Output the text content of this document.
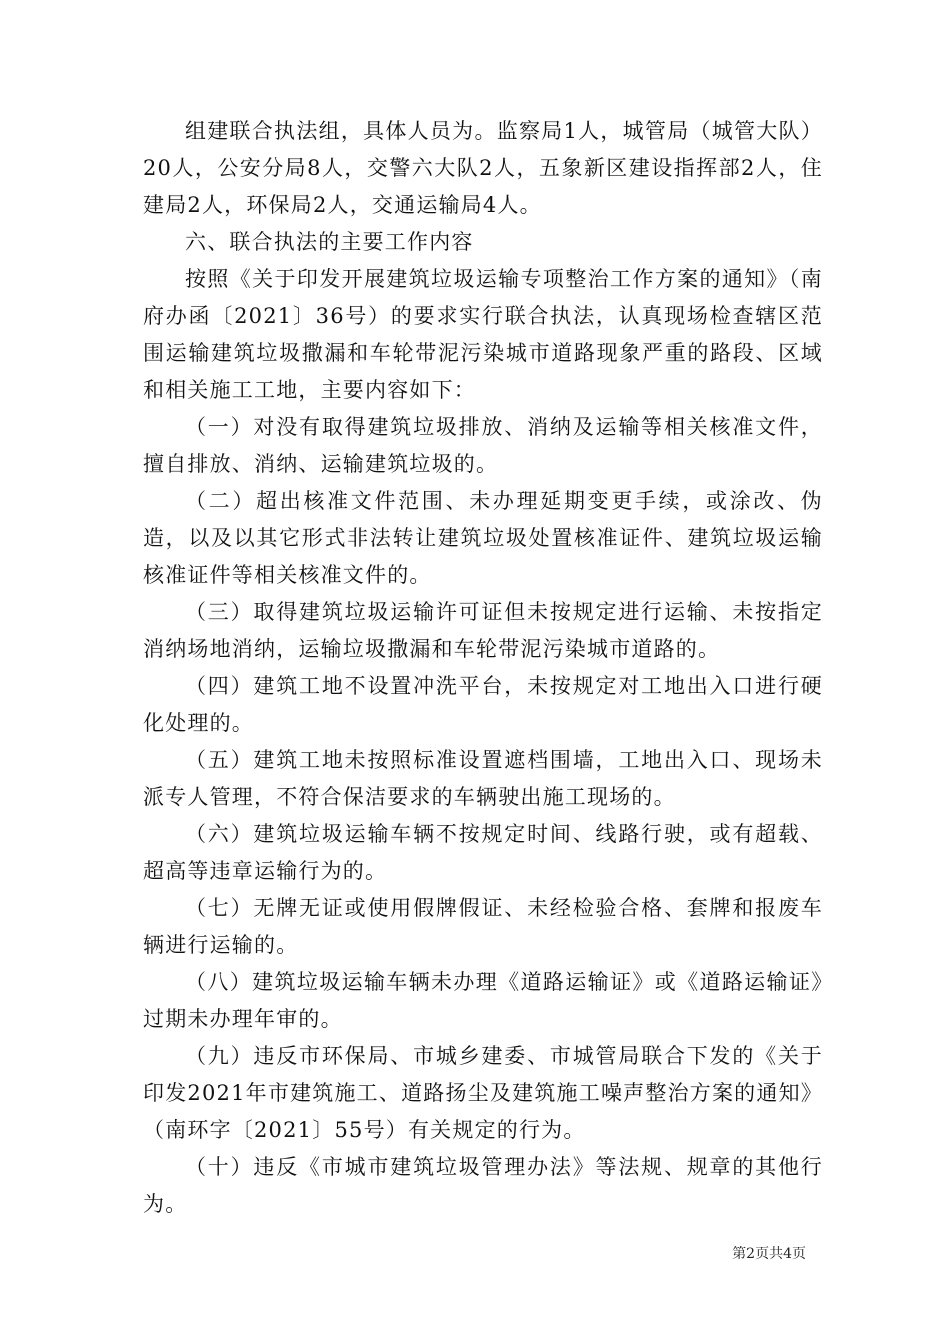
组建联合执法组，具体人员为。监察局1人，城管局（城管大队）20人，公安分局8人，交警六大队2人，五象新区建设指挥部2人，住建局2人，环保局2人，交通运输局4人。

六、联合执法的主要工作内容

按照《关于印发开展建筑垃圾运输专项整治工作方案的通知》（南府办函〔2021〕36号）的要求实行联合执法，认真现场检查辖区范围运输建筑垃圾撒漏和车轮带泥污染城市道路现象严重的路段、区域和相关施工工地，主要内容如下：

（一）对没有取得建筑垃圾排放、消纳及运输等相关核准文件，擅自排放、消纳、运输建筑垃圾的。

（二）超出核准文件范围、未办理延期变更手续，或涂改、伪造，以及以其它形式非法转让建筑垃圾处置核准证件、建筑垃圾运输核准证件等相关核准文件的。

（三）取得建筑垃圾运输许可证但未按规定进行运输、未按指定消纳场地消纳，运输垃圾撒漏和车轮带泥污染城市道路的。

（四）建筑工地不设置冲洗平台，未按规定对工地出入口进行硬化处理的。

（五）建筑工地未按照标准设置遮档围墙，工地出入口、现场未派专人管理，不符合保洁要求的车辆驶出施工现场的。

（六）建筑垃圾运输车辆不按规定时间、线路行驶，或有超载、超高等违章运输行为的。

（七）无牌无证或使用假牌假证、未经检验合格、套牌和报废车辆进行运输的。

（八）建筑垃圾运输车辆未办理《道路运输证》或《道路运输证》过期未办理年审的。

（九）违反市环保局、市城乡建委、市城管局联合下发的《关于印发2021年市建筑施工、道路扬尘及建筑施工噪声整治方案的通知》（南环字〔2021〕55号）有关规定的行为。

（十）违反《市城市建筑垃圾管理办法》等法规、规章的其他行为。

第2页共4页
